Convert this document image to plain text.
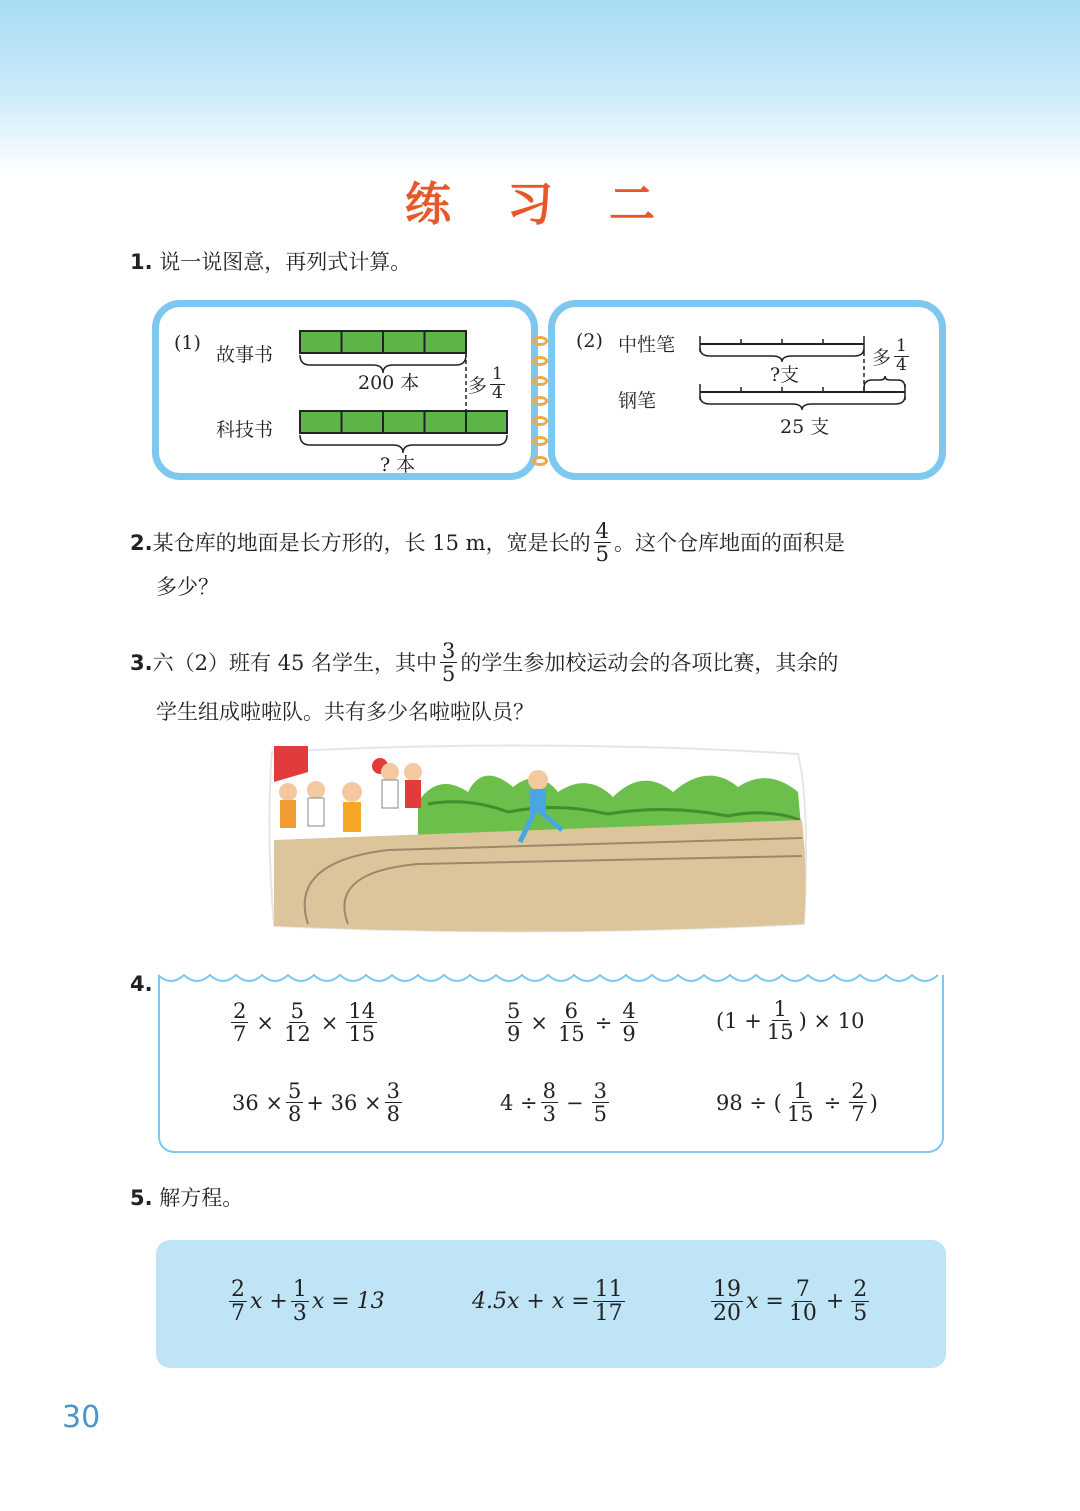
练 习 二
1. 说一说图意，再列式计算。
(1)
故事书
科技书
200 本
? 本
多 $\frac{1}{4}$
(2) 中性笔
钢笔
?支
25 支
多 $\frac{1}{4}$
2. 某仓库的地面是长方形的，长 15 m，宽是长的 $\frac{4}{5}$ 。这个仓库地面的面积是
多少？
3. 六（2）班有 45 名学生，其中 $\frac{3}{5}$ 的学生参加校运动会的各项比赛，其余的
学生组成啦啦队。共有多少名啦啦队员？
4.
$\frac{2}{7} \times \frac{5}{12} \times \frac{14}{15}$	$\frac{5}{9} \times \frac{6}{15} \div \frac{4}{9}$	($1 + \frac{1}{15}$ ) × 10
$36 \times \frac{5}{8} + 36 \times \frac{3}{8}$	$4 \div \frac{8}{3} - \frac{3}{5}$	98 ÷ ( $\frac{1}{15} \div \frac{2}{7}$ )
5. 解方程。
$\frac{2}{7}$ $x + \frac{1}{3}$ x = 13	$4.5x + x = \frac{11}{17}$	$\frac{19}{20}$ $x = \frac{7}{10} + \frac{2}{5}$
30
